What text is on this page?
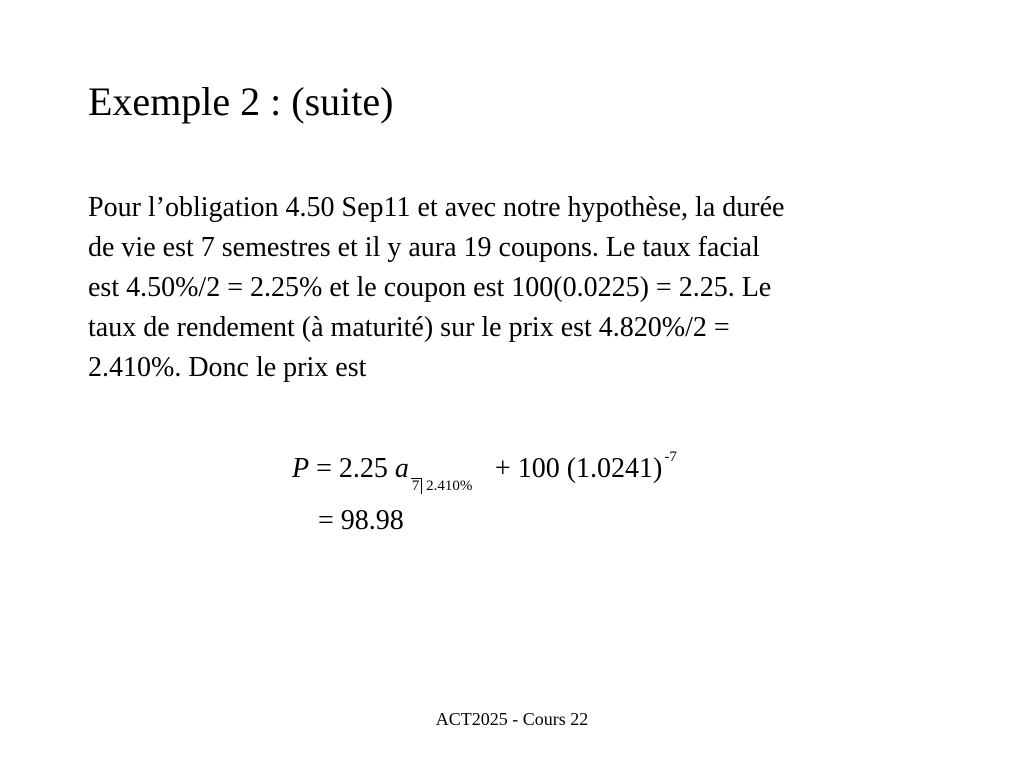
Exemple 2 : (suite)
Pour l’obligation 4.50 Sep11 et avec notre hypothèse, la durée
de vie est 7 semestres et il y aura 19 coupons. Le taux facial
est 4.50%/2 = 2.25% et le coupon est 100(0.0225) = 2.25. Le
taux de rendement (à maturité) sur le prix est 4.820%/2 =
2.410%. Donc le prix est
P = 2.25 a
7 2.410%
+ 100 (1.0241) $^{-7}$
= 98.98
ACT2025 - Cours 22
